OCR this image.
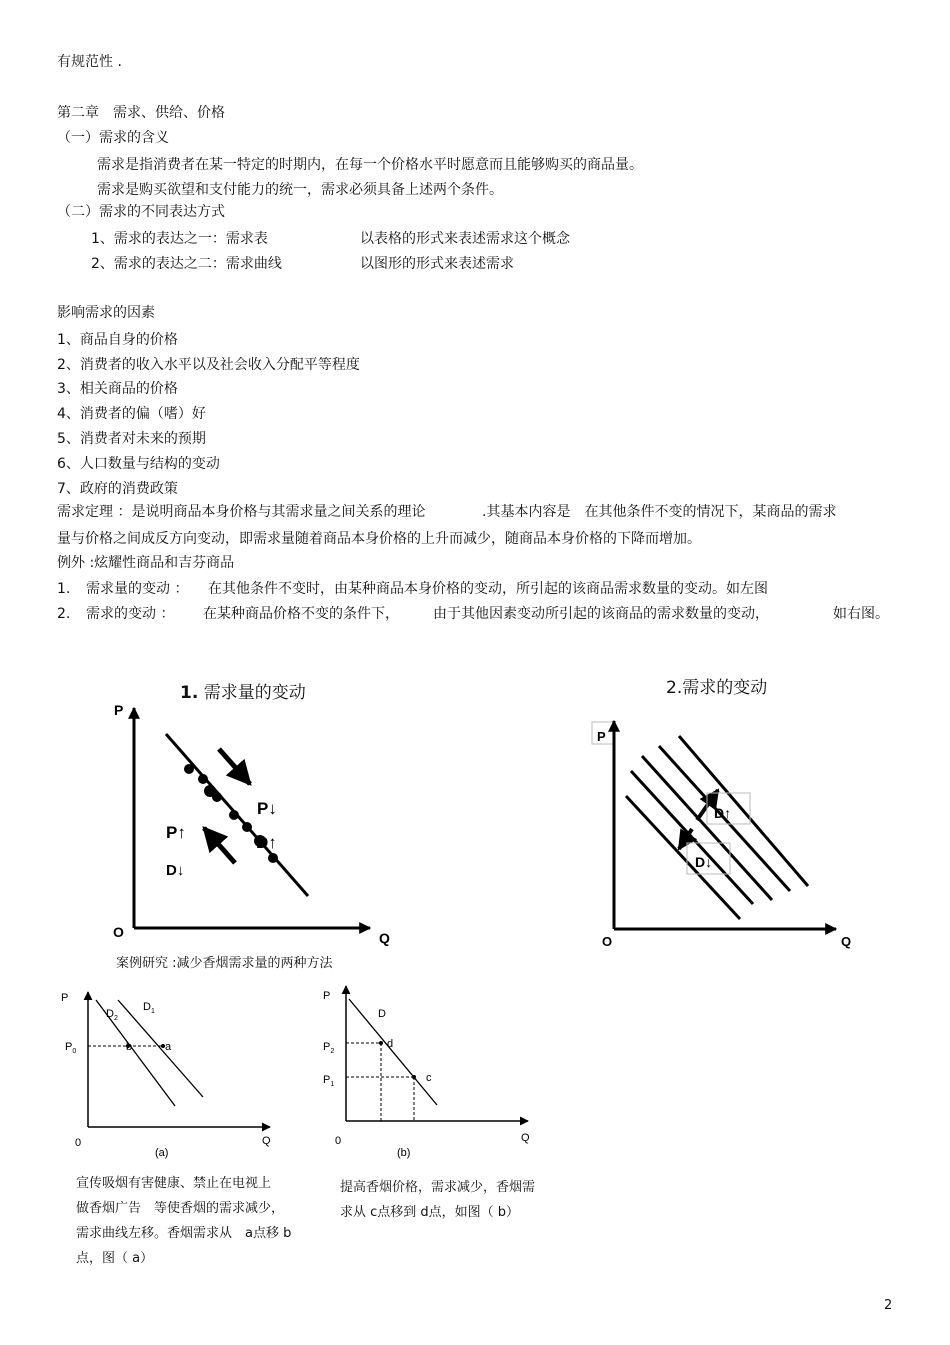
有规范性 .
第二章　需求、供给、价格
（一）需求的含义
需求是指消费者在某一特定的时期内，在每一个价格水平时愿意而且能够购买的商品量。
需求是购买欲望和支付能力的统一，需求必须具备上述两个条件。
（二）需求的不同表达方式
1、需求的表达之一：需求表	以表格的形式来表述需求这个概念
2、需求的表达之二：需求曲线	以图形的形式来表述需求
影响需求的因素
1、商品自身的价格
2、消费者的收入水平以及社会收入分配平等程度
3、相关商品的价格
4、消费者的偏（嗜）好
5、消费者对未来的预期
6、人口数量与结构的变动
7、政府的消费政策
需求定理 ：是说明商品本身价格与其需求量之间关系的理论	.其基本内容是　在其他条件不变的情况下，某商品的需求
量与价格之间成反方向变动，即需求量随着商品本身价格的上升而减少，随商品本身价格的下降而增加。
例外 :炫耀性商品和吉芬商品
1. 需求量的变动 ： 在其他条件不变时，由某种商品本身价格的变动，所引起的该商品需求数量的变动。如左图
2. 需求的变动 ： 在某种商品价格不变的条件下， 由于其他因素变动所引起的该商品的需求数量的变动，	如右图。
1. 需求量的变动
P
O	Q
P↓
P↑
D↑
D↓
2.需求的变动
P
O	Q
D↑
D↓
案例研究 :减少香烟需求量的两种方法
P
Q
0
$D_2$
$D_1$
$P_0$	b	a
(a)
P
Q
0
D
$P_2$
$P_1$
d
c
(b)
宣传吸烟有害健康、禁止在电视上
做香烟广告　等使香烟的需求减少，
需求曲线左移。香烟需求从　a点移 b
点，图（ a）
提高香烟价格，需求减少，香烟需
求从 c点移到 d点，如图（ b）
2
